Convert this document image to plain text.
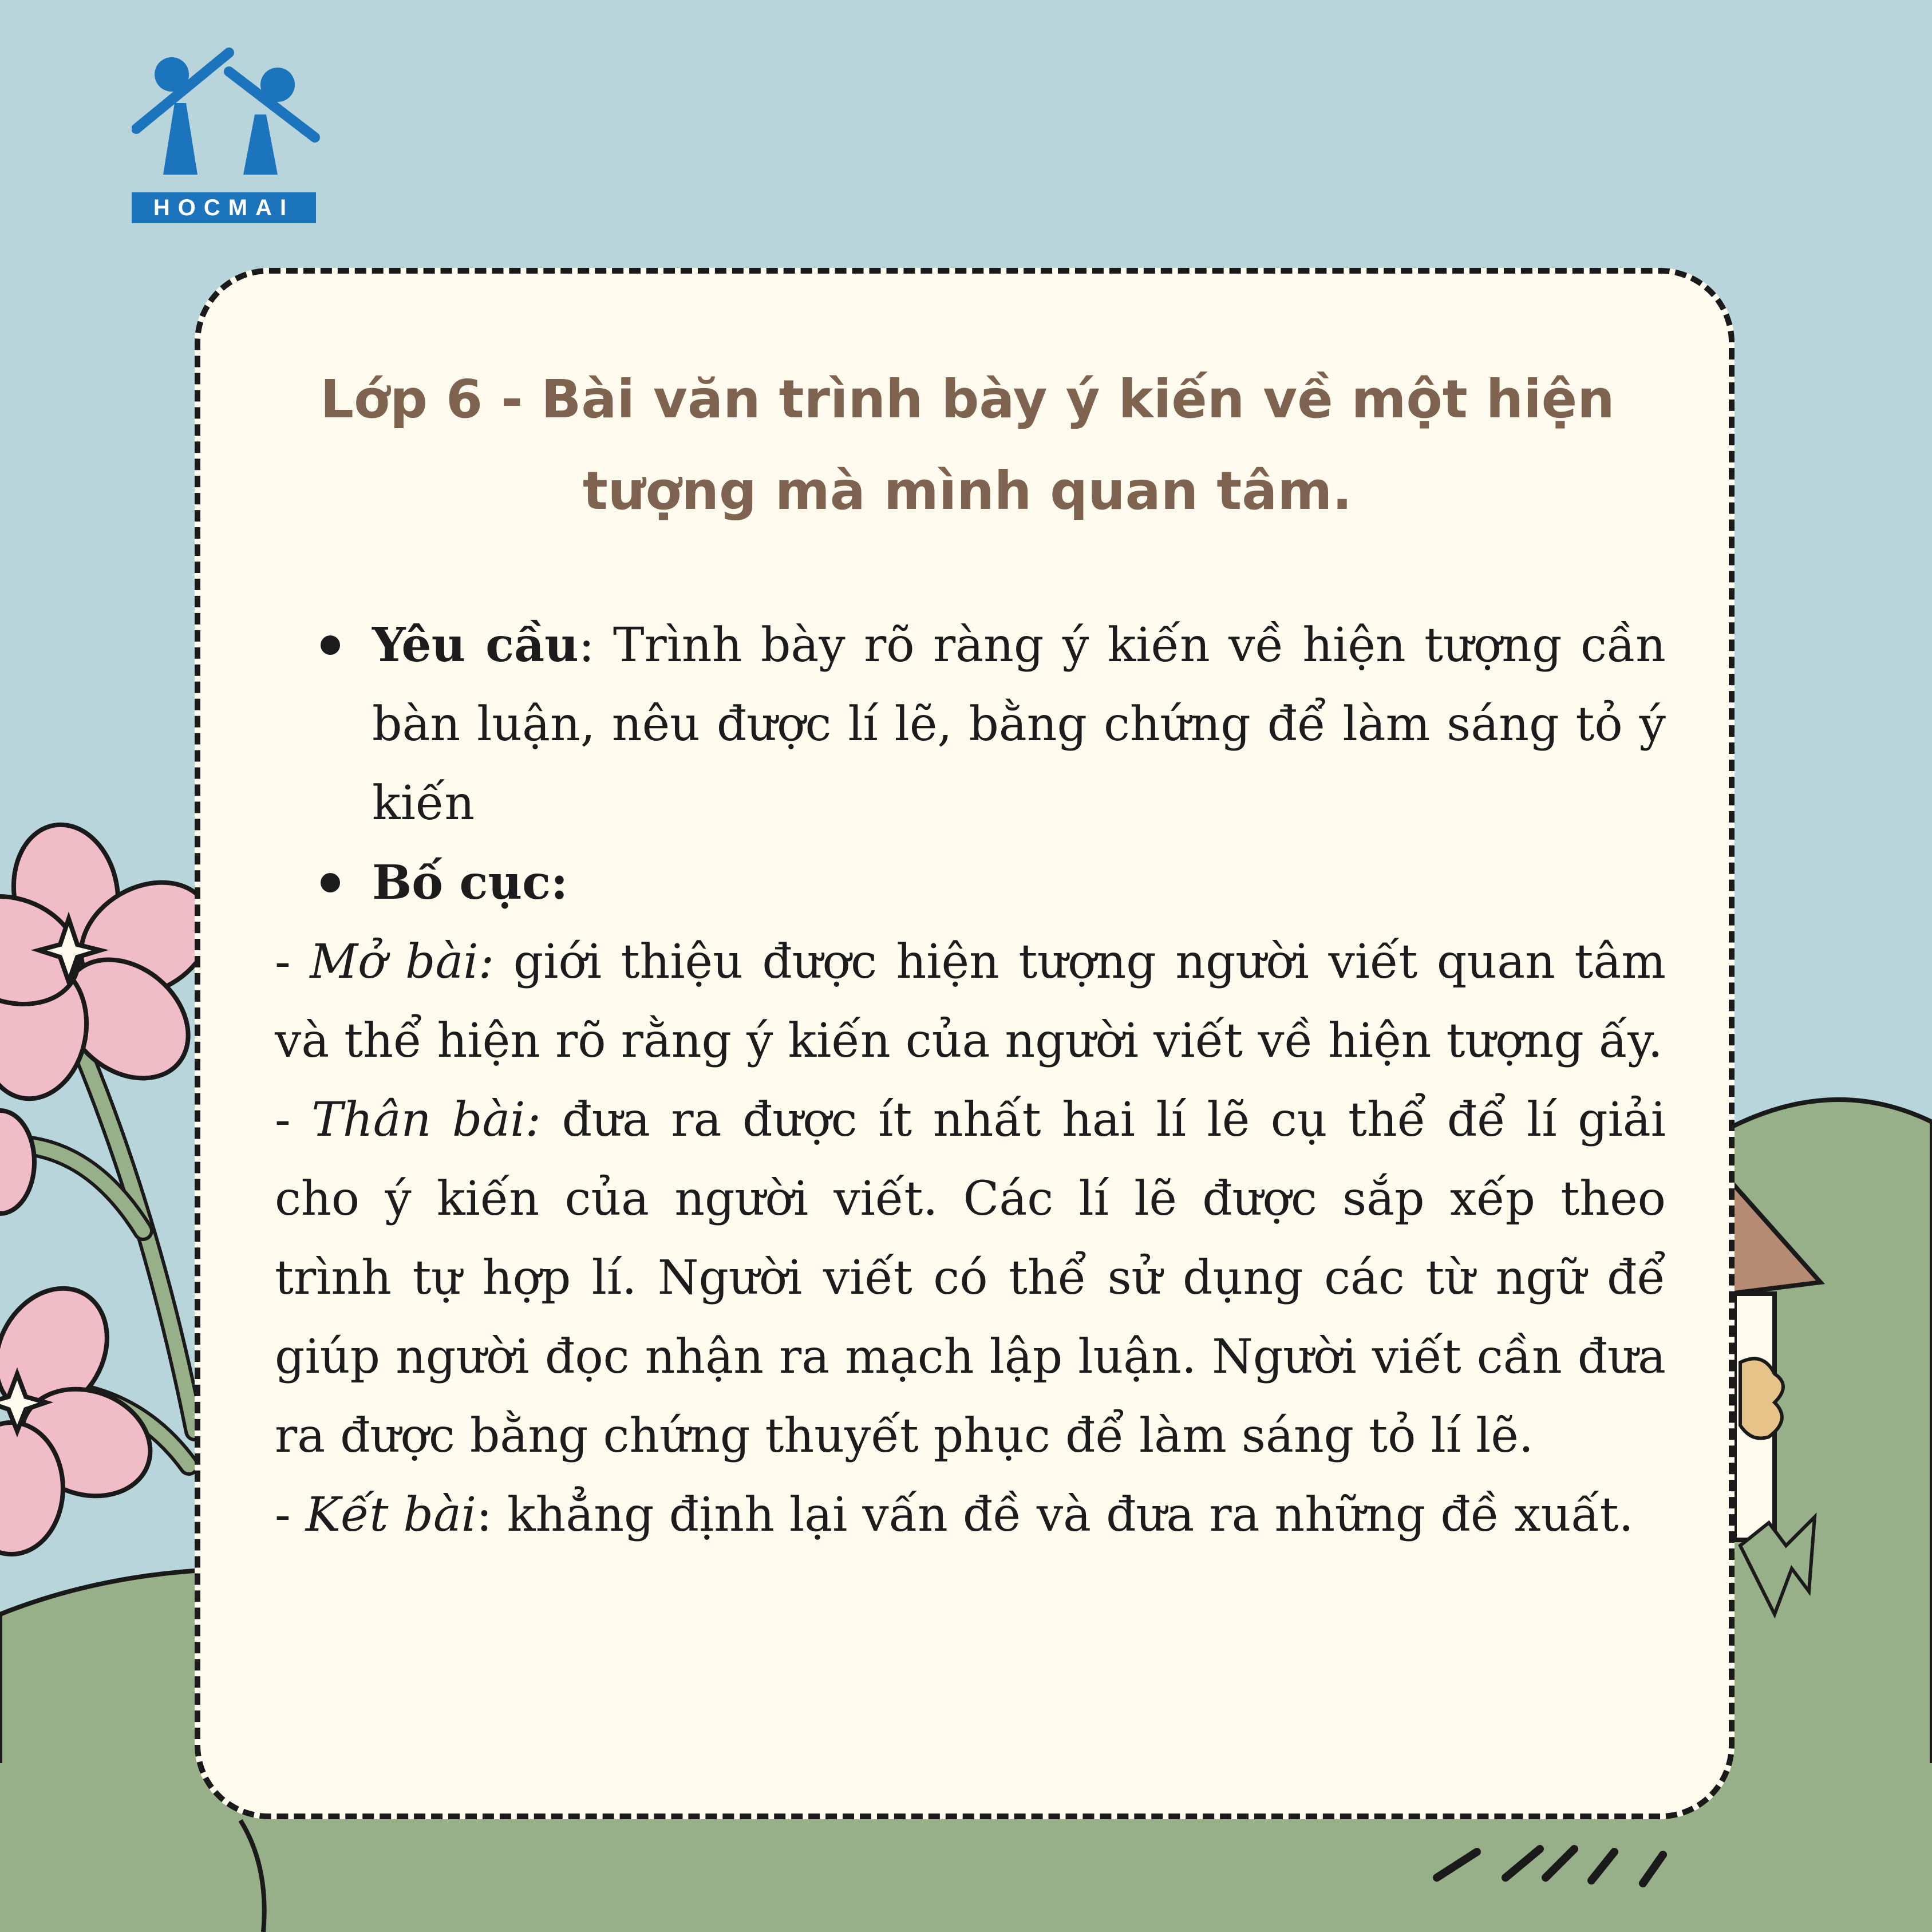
HOCMAI
Lớp 6 - Bài văn trình bày ý kiến về một hiện
tượng mà mình quan tâm.
Yêu cầu: Trình bày rõ ràng ý kiến về hiện tượng cần bàn luận, nêu được lí lẽ, bằng chứng để làm sáng tỏ ý kiến
Bố cục:
- Mở bài: giới thiệu được hiện tượng người viết quan tâm và thể hiện rõ rằng ý kiến của người viết về hiện tượng ấy.
- Thân bài: đưa ra được ít nhất hai lí lẽ cụ thể để lí giải cho ý kiến của người viết. Các lí lẽ được sắp xếp theo trình tự hợp lí. Người viết có thể sử dụng các từ ngữ để giúp người đọc nhận ra mạch lập luận. Người viết cần đưa ra được bằng chứng thuyết phục để làm sáng tỏ lí lẽ.
- Kết bài: khẳng định lại vấn đề và đưa ra những đề xuất.
